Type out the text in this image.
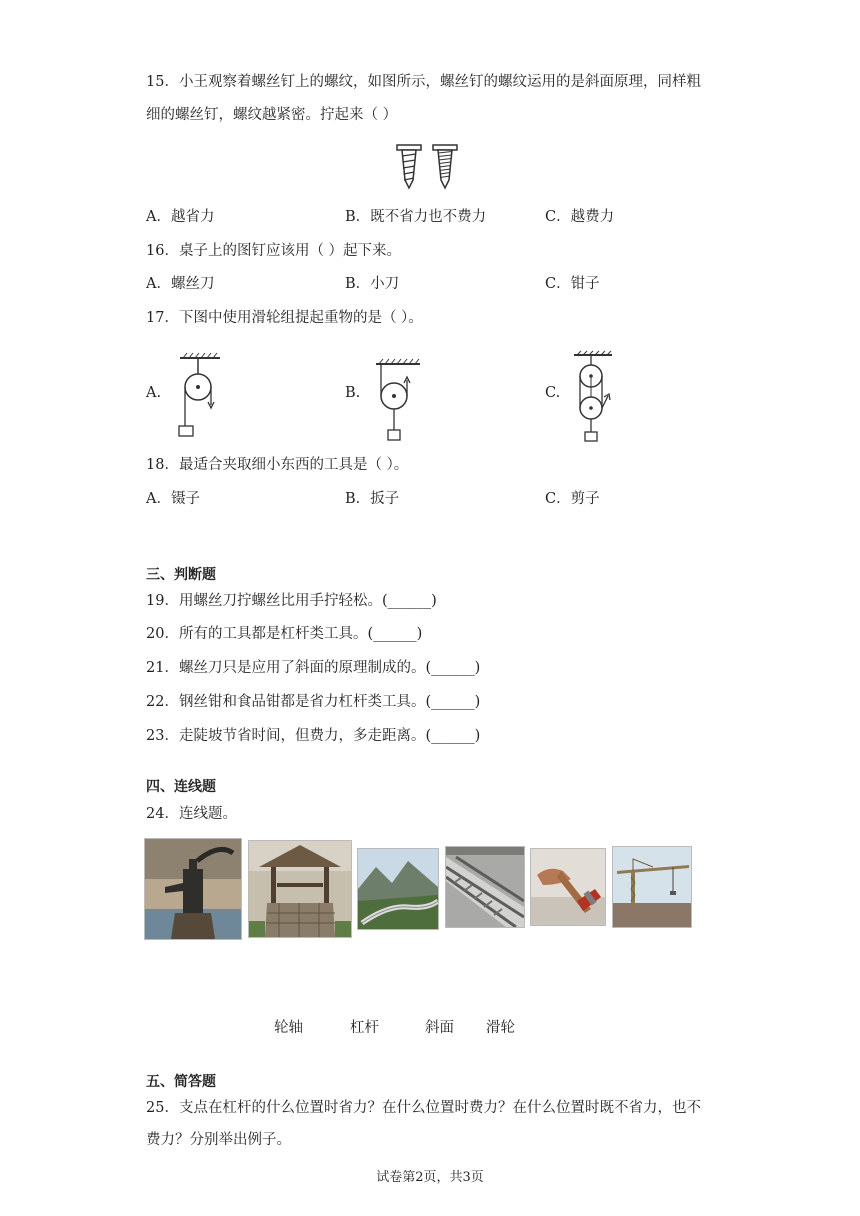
15．小王观察着螺丝钉上的螺纹，如图所示，螺丝钉的螺纹运用的是斜面原理，同样粗
细的螺丝钉，螺纹越紧密。拧起来（ ）
A．越省力	B．既不省力也不费力	C．越费力
16．桌子上的图钉应该用（ ）起下来。
A．螺丝刀	B．小刀	C．钳子
17．下图中使用滑轮组提起重物的是（ ）。
A.	B.	C.
18．最适合夹取细小东西的工具是（ ）。
A．镊子	B．扳子	C．剪子
三、判断题
19．用螺丝刀拧螺丝比用手拧轻松。(______)
20．所有的工具都是杠杆类工具。(______)
21．螺丝刀只是应用了斜面的原理制成的。(______)
22．钢丝钳和食品钳都是省力杠杆类工具。(______)
23．走陡坡节省时间，但费力，多走距离。(______)
四、连线题
24．连线题。
轮轴	杠杆	斜面 滑轮
五、简答题
25．支点在杠杆的什么位置时省力？在什么位置时费力？在什么位置时既不省力，也不
费力？分别举出例子。
试卷第2页，共3页
